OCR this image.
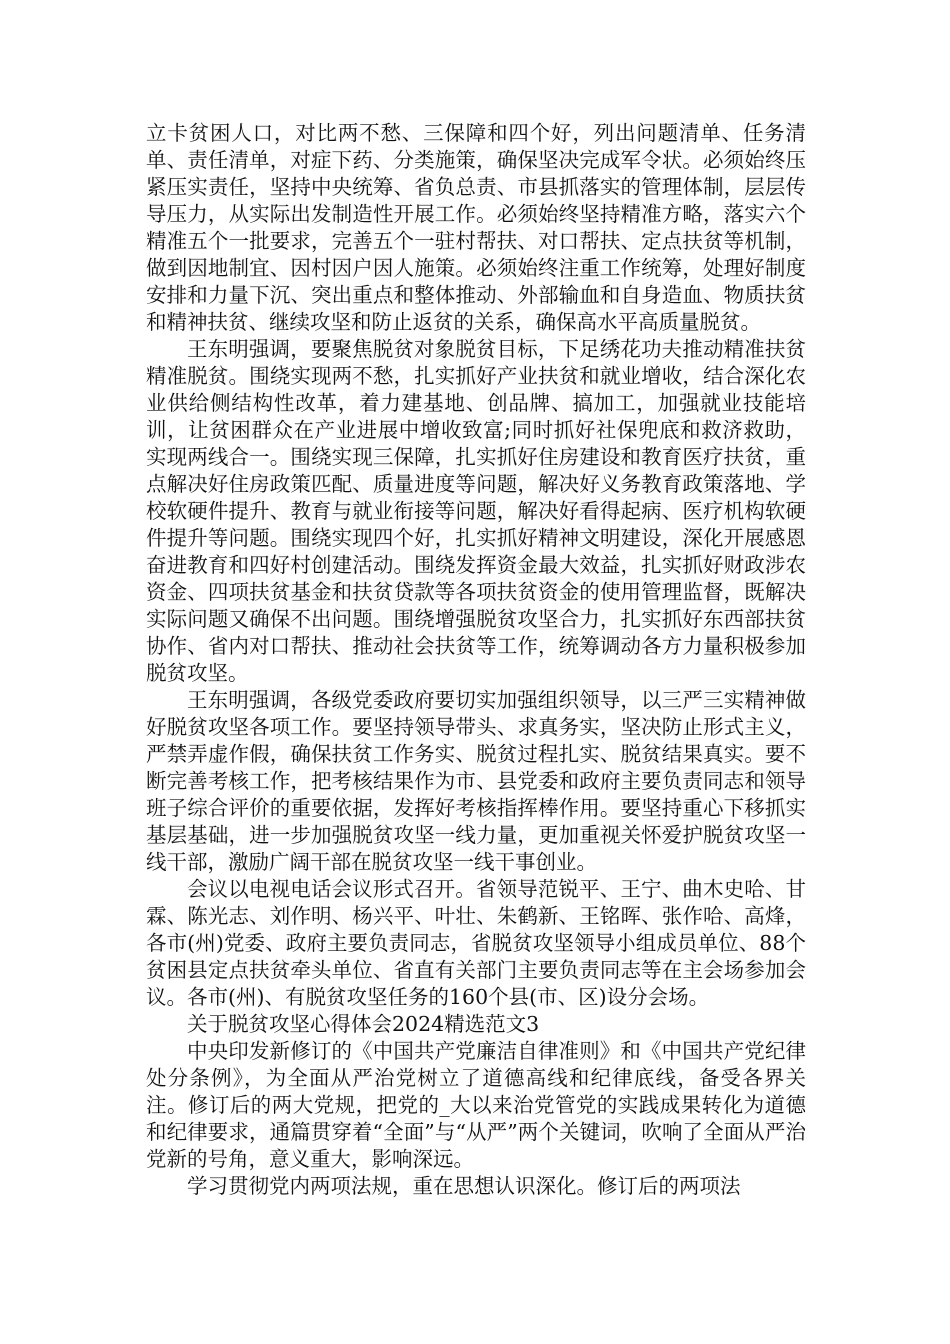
立卡贫困人口，对比两不愁、三保障和四个好，列出问题清单、任务清单、责任清单，对症下药、分类施策，确保坚决完成军令状。必须始终压紧压实责任，坚持中央统筹、省负总责、市县抓落实的管理体制，层层传导压力，从实际出发制造性开展工作。必须始终坚持精准方略，落实六个精准五个一批要求，完善五个一驻村帮扶、对口帮扶、定点扶贫等机制，做到因地制宜、因村因户因人施策。必须始终注重工作统筹，处理好制度安排和力量下沉、突出重点和整体推动、外部输血和自身造血、物质扶贫和精神扶贫、继续攻坚和防止返贫的关系，确保高水平高质量脱贫。

王东明强调，要聚焦脱贫对象脱贫目标，下足绣花功夫推动精准扶贫精准脱贫。围绕实现两不愁，扎实抓好产业扶贫和就业增收，结合深化农业供给侧结构性改革，着力建基地、创品牌、搞加工，加强就业技能培训，让贫困群众在产业进展中增收致富;同时抓好社保兜底和救济救助，实现两线合一。围绕实现三保障，扎实抓好住房建设和教育医疗扶贫，重点解决好住房政策匹配、质量进度等问题，解决好义务教育政策落地、学校软硬件提升、教育与就业衔接等问题，解决好看得起病、医疗机构软硬件提升等问题。围绕实现四个好，扎实抓好精神文明建设，深化开展感恩奋进教育和四好村创建活动。围绕发挥资金最大效益，扎实抓好财政涉农资金、四项扶贫基金和扶贫贷款等各项扶贫资金的使用管理监督，既解决实际问题又确保不出问题。围绕增强脱贫攻坚合力，扎实抓好东西部扶贫协作、省内对口帮扶、推动社会扶贫等工作，统筹调动各方力量积极参加脱贫攻坚。

王东明强调，各级党委政府要切实加强组织领导，以三严三实精神做好脱贫攻坚各项工作。要坚持领导带头、求真务实，坚决防止形式主义，严禁弄虚作假，确保扶贫工作务实、脱贫过程扎实、脱贫结果真实。要不断完善考核工作，把考核结果作为市、县党委和政府主要负责同志和领导班子综合评价的重要依据，发挥好考核指挥棒作用。要坚持重心下移抓实基层基础，进一步加强脱贫攻坚一线力量，更加重视关怀爱护脱贫攻坚一线干部，激励广阔干部在脱贫攻坚一线干事创业。

会议以电视电话会议形式召开。省领导范锐平、王宁、曲木史哈、甘霖、陈光志、刘作明、杨兴平、叶壮、朱鹤新、王铭晖、张作哈、高烽，各市(州)党委、政府主要负责同志，省脱贫攻坚领导小组成员单位、88个贫困县定点扶贫牵头单位、省直有关部门主要负责同志等在主会场参加会议。各市(州)、有脱贫攻坚任务的160个县(市、区)设分会场。

关于脱贫攻坚心得体会2024精选范文3

中央印发新修订的《中国共产党廉洁自律准则》和《中国共产党纪律处分条例》，为全面从严治党树立了道德高线和纪律底线，备受各界关注。修订后的两大党规，把党的_大以来治党管党的实践成果转化为道德和纪律要求，通篇贯穿着“全面”与“从严”两个关键词，吹响了全面从严治党新的号角，意义重大，影响深远。

学习贯彻党内两项法规，重在思想认识深化。修订后的两项法
